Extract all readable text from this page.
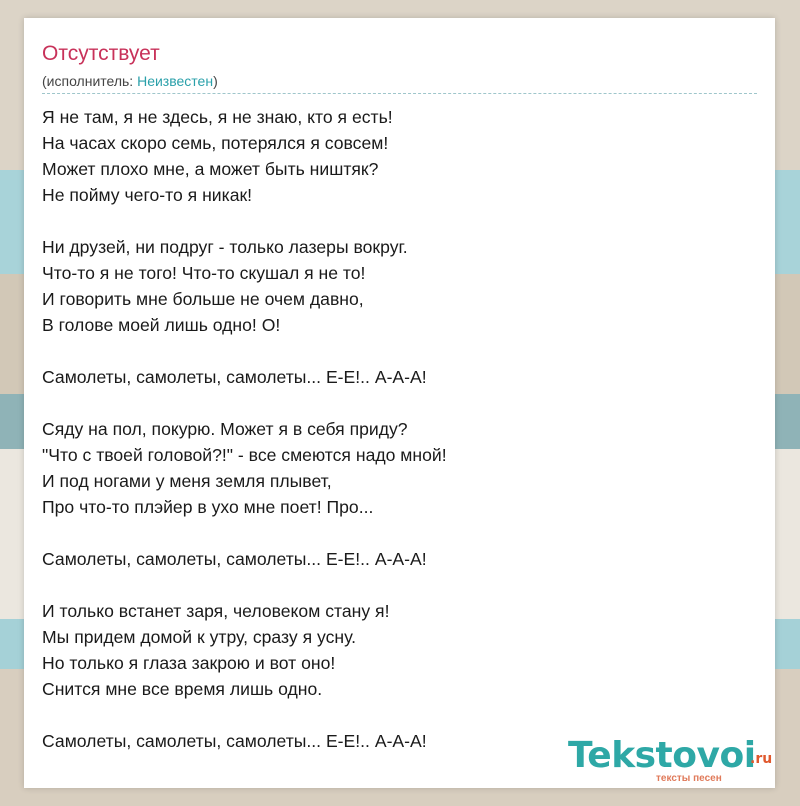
Отсутствует
(исполнитель: Неизвестен)
Я не там, я не здесь, я не знаю, кто я есть!
На часах скоро семь, потерялся я совсем!
Может плохо мне, а может быть ништяк?
Не пойму чего-то я никак!
Ни друзей, ни подруг - только лазеры вокруг.
Что-то я не того! Что-то скушал я не то!
И говорить мне больше не очем давно,
В голове моей лишь одно! О!
Самолеты, самолеты, самолеты... Е-Е!.. А-А-А!
Сяду на пол, покурю. Может я в себя приду?
"Что с твоей головой?!" - все смеются надо мной!
И под ногами у меня земля плывет,
Про что-то плэйер в ухо мне поет! Про...
Самолеты, самолеты, самолеты... Е-Е!.. А-А-А!
И только встанет заря, человеком стану я!
Мы придем домой к утру, сразу я усну.
Но только я глаза закрою и вот оно!
Снится мне все время лишь одно.
Самолеты, самолеты, самолеты... Е-Е!.. А-А-А!	Tekstovoi
.ru
тексты песен
